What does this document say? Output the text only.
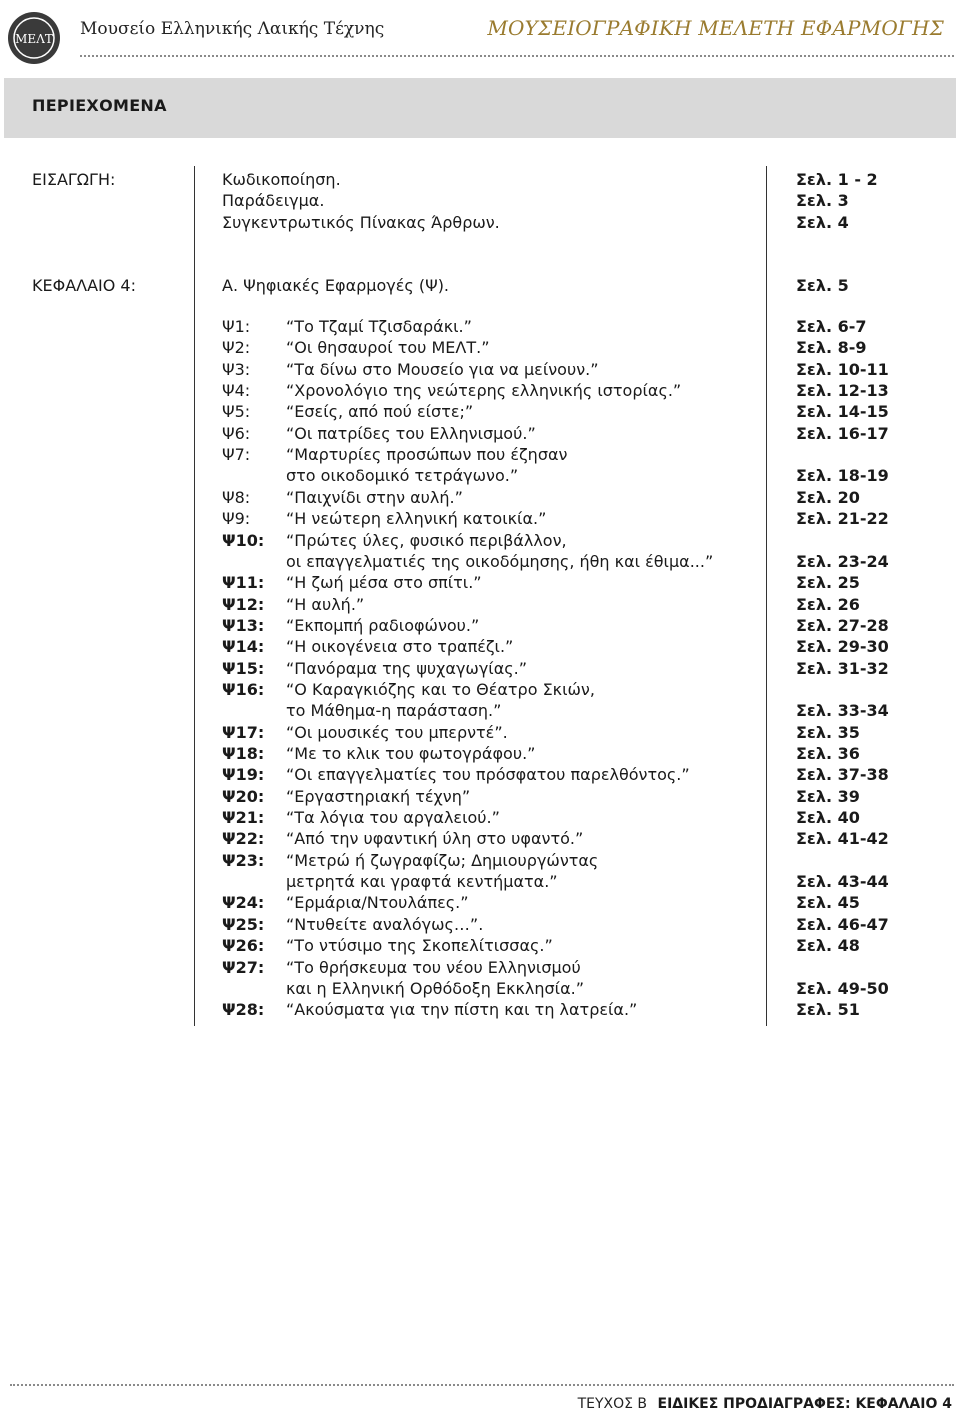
ΜΕΛΤ Μουσείο Ελληνικής Λαικής Τέχνης	ΜΟΥΣΕΙΟΓΡΑΦΙΚΗ ΜΕΛΕΤΗ ΕΦΑΡΜΟΓΗΣ
ΠΕΡΙΕΧΟΜΕΝΑ
ΕΙΣΑΓΩΓΗ:	Κωδικοποίηση.	Σελ. 1 - 2
Παράδειγμα.	Σελ. 3
Συγκεντρωτικός Πίνακας Άρθρων.	Σελ. 4
ΚΕΦΑΛΑΙΟ 4:	Α. Ψηφιακές Εφαρμογές (Ψ).	Σελ. 5
Ψ1: “Το Τζαμί Τζισδαράκι.”	Σελ. 6-7
Ψ2: “Οι θησαυροί του ΜΕΛΤ.”	Σελ. 8-9
Ψ3: “Τα δίνω στο Μουσείο για να μείνουν.”	Σελ. 10-11
Ψ4: “Χρονολόγιο της νεώτερης ελληνικής ιστορίας.”	Σελ. 12-13
Ψ5: “Εσείς, από πού είστε;”	Σελ. 14-15
Ψ6: “Οι πατρίδες του Ελληνισμού.”	Σελ. 16-17
Ψ7: “Μαρτυρίες προσώπων που έζησαν
στο οικοδομικό τετράγωνο.”	Σελ. 18-19
Ψ8: “Παιχνίδι στην αυλή.”	Σελ. 20
Ψ9: “Η νεώτερη ελληνική κατοικία.”	Σελ. 21-22
Ψ10: “Πρώτες ύλες, φυσικό περιβάλλον,
οι επαγγελματιές της οικοδόμησης, ήθη και έθιμα...”	Σελ. 23-24
Ψ11: “Η ζωή μέσα στο σπίτι.”	Σελ. 25
Ψ12: “Η αυλή.”	Σελ. 26
Ψ13: “Εκπομπή ραδιοφώνου.”	Σελ. 27-28
Ψ14: “Η οικογένεια στο τραπέζι.”	Σελ. 29-30
Ψ15: “Πανόραμα της ψυχαγωγίας.”	Σελ. 31-32
Ψ16: “Ο Καραγκιόζης και το Θέατρο Σκιών,
το Μάθημα-η παράσταση.”	Σελ. 33-34
Ψ17: “Οι μουσικές του μπερντέ”.	Σελ. 35
Ψ18: “Με το κλικ του φωτογράφου.”	Σελ. 36
Ψ19: “Οι επαγγελματίες του πρόσφατου παρελθόντος.”	Σελ. 37-38
Ψ20: “Εργαστηριακή τέχνη”	Σελ. 39
Ψ21: “Τα λόγια του αργαλειού.”	Σελ. 40
Ψ22: “Από την υφαντική ύλη στο υφαντό.”	Σελ. 41-42
Ψ23: “Μετρώ ή ζωγραφίζω; Δημιουργώντας
μετρητά και γραφτά κεντήματα.”	Σελ. 43-44
Ψ24: “Ερμάρια/Ντουλάπες.”	Σελ. 45
Ψ25: “Ντυθείτε αναλόγως…”.	Σελ. 46-47
Ψ26: “Το ντύσιμο της Σκοπελίτισσας.”	Σελ. 48
Ψ27: “Το θρήσκευμα του νέου Ελληνισμού
και η Ελληνική Ορθόδοξη Εκκλησία.”	Σελ. 49-50
Ψ28: “Ακούσματα για την πίστη και τη λατρεία.”	Σελ. 51
ΤΕΥΧΟΣ Β ΕΙΔΙΚΕΣ ΠΡΟΔΙΑΓΡΑΦΕΣ: ΚΕΦΑΛΑΙΟ 4
